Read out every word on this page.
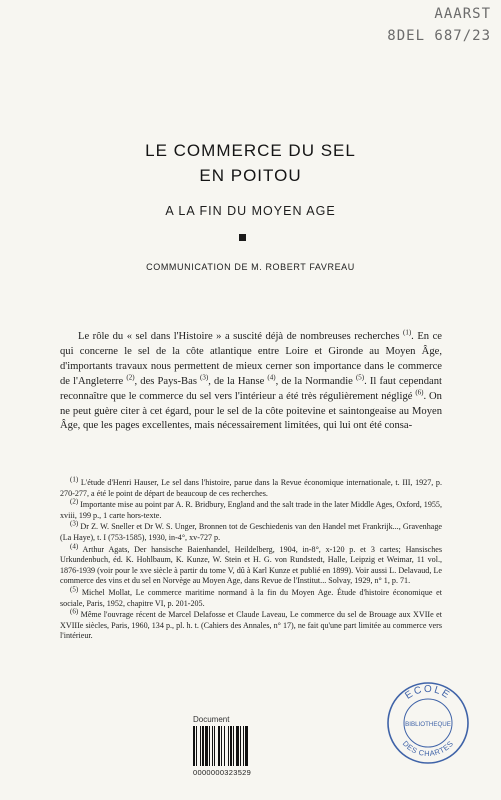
AAARST
8DEL 687/23
LE COMMERCE DU SEL
EN POITOU
A LA FIN DU MOYEN AGE
COMMUNICATION DE M. ROBERT FAVREAU
Le rôle du « sel dans l'Histoire » a suscité déjà de nombreuses recherches $^{(1)}$. En ce qui concerne le sel de la côte atlantique entre Loire et Gironde au Moyen Âge, d'importants travaux nous permettent de mieux cerner son importance dans le commerce de l'Angleterre $^{(2)}$, des Pays-Bas $^{(3)}$, de la Hanse $^{(4)}$, de la Normandie $^{(5)}$. Il faut cependant reconnaître que le commerce du sel vers l'intérieur a été très régulièrement négligé $^{(6)}$. On ne peut guère citer à cet égard, pour le sel de la côte poitevine et saintongeaise au Moyen Âge, que les pages excellentes, mais nécessairement limitées, qui lui ont été consa-
$^{(1)}$ L'étude d'Henri Hauser, Le sel dans l'histoire, parue dans la Revue économique internationale, t. III, 1927, p. 270-277, a été le point de départ de beaucoup de ces recherches.
$^{(2)}$ Importante mise au point par A. R. Bridbury, England and the salt trade in the later Middle Ages, Oxford, 1955, xviii, 199 p., 1 carte hors-texte.
$^{(3)}$ Dr Z. W. Sneller et Dr W. S. Unger, Bronnen tot de Geschiedenis van den Handel met Frankrijk..., Gravenhage (La Haye), t. I (753-1585), 1930, in-4°, xv-727 p.
$^{(4)}$ Arthur Agats, Der hansische Baienhandel, Heildelberg, 1904, in-8°, x-120 p. et 3 cartes; Hansisches Urkundenbuch, éd. K. Hohlbaum, K. Kunze, W. Stein et H. G. von Rundstedt, Halle, Leipzig et Weimar, 11 vol., 1876-1939 (voir pour le xve siècle à partir du tome V, dû à Karl Kunze et publié en 1899). Voir aussi L. Delavaud, Le commerce des vins et du sel en Norvège au Moyen Age, dans Revue de l'Institut... Solvay, 1929, n° 1, p. 71.
$^{(5)}$ Michel Mollat, Le commerce maritime normand à la fin du Moyen Age. Étude d'histoire économique et sociale, Paris, 1952, chapitre VI, p. 201-205.
$^{(6)}$ Même l'ouvrage récent de Marcel Delafosse et Claude Laveau, Le commerce du sel de Brouage aux XVIIe et XVIIIe siècles, Paris, 1960, 134 p., pl. h. t. (Cahiers des Annales, n° 17), ne fait qu'une part limitée au commerce vers l'intérieur.
Document
0000000323529
ECOLE
BIBLIOTHEQUE
DES CHARTES
